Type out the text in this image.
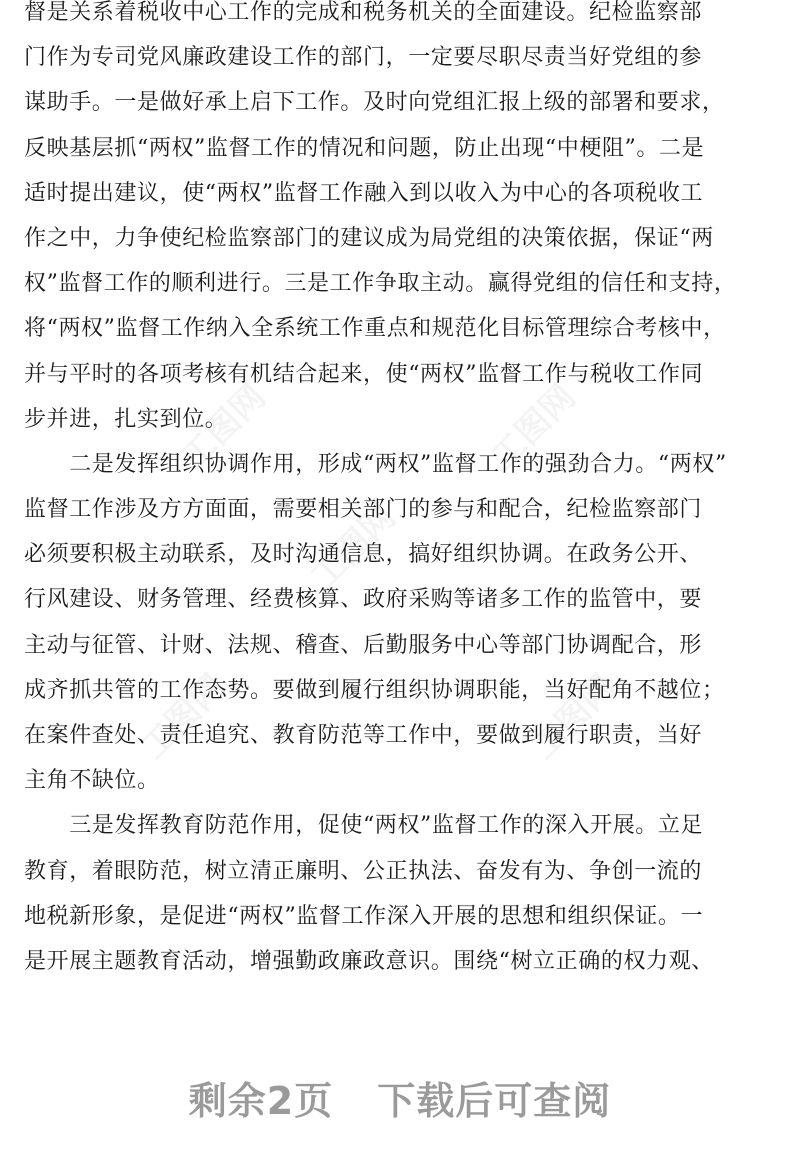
工图网	工图网
工图网
工图网	工图网
督是关系着税收中心工作的完成和税务机关的全面建设。纪检监察部
门作为专司党风廉政建设工作的部门，一定要尽职尽责当好党组的参
谋助手。一是做好承上启下工作。及时向党组汇报上级的部署和要求，
反映基层抓“两权”监督工作的情况和问题，防止出现“中梗阻”。二是
适时提出建议，使“两权”监督工作融入到以收入为中心的各项税收工
作之中，力争使纪检监察部门的建议成为局党组的决策依据，保证“两
权”监督工作的顺利进行。三是工作争取主动。赢得党组的信任和支持，
将“两权”监督工作纳入全系统工作重点和规范化目标管理综合考核中，
并与平时的各项考核有机结合起来，使“两权”监督工作与税收工作同
步并进，扎实到位。
　　二是发挥组织协调作用，形成“两权”监督工作的强劲合力。“两权”
监督工作涉及方方面面，需要相关部门的参与和配合，纪检监察部门
必须要积极主动联系，及时沟通信息，搞好组织协调。在政务公开、
行风建设、财务管理、经费核算、政府采购等诸多工作的监管中，要
主动与征管、计财、法规、稽查、后勤服务中心等部门协调配合，形
成齐抓共管的工作态势。要做到履行组织协调职能，当好配角不越位；
在案件查处、责任追究、教育防范等工作中，要做到履行职责，当好
主角不缺位。
　　三是发挥教育防范作用，促使“两权”监督工作的深入开展。立足
教育，着眼防范，树立清正廉明、公正执法、奋发有为、争创一流的
地税新形象，是促进“两权”监督工作深入开展的思想和组织保证。一
是开展主题教育活动，增强勤政廉政意识。围绕“树立正确的权力观、
剩余2页 下载后可查阅
